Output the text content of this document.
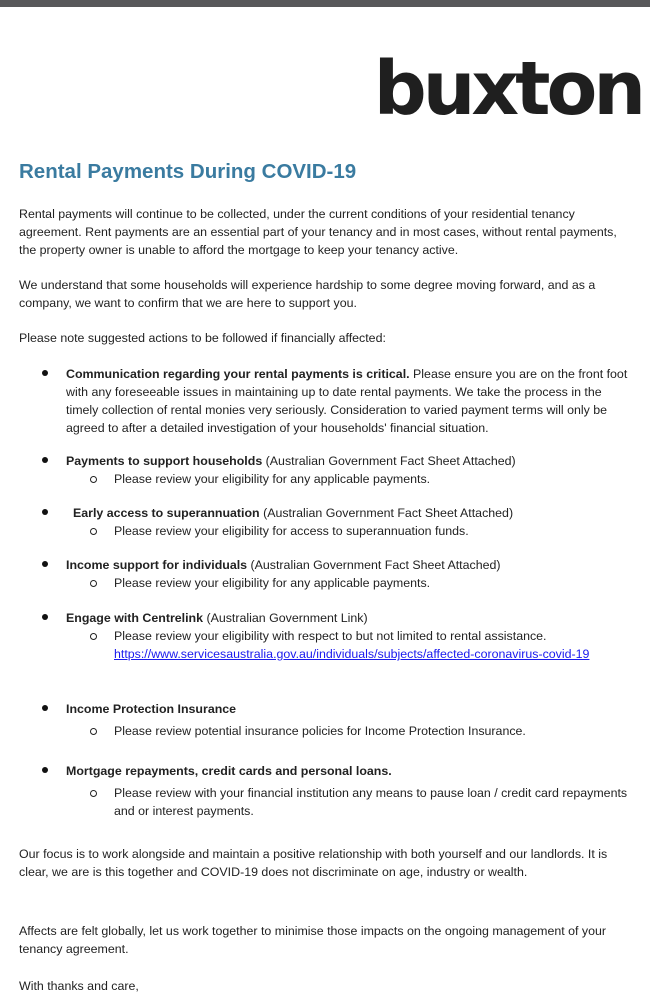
buxton
Rental Payments During COVID-19

Rental payments will continue to be collected, under the current conditions of your residential tenancy agreement. Rent payments are an essential part of your tenancy and in most cases, without rental payments, the property owner is unable to afford the mortgage to keep your tenancy active.

We understand that some households will experience hardship to some degree moving forward, and as a company, we want to confirm that we are here to support you.

Please note suggested actions to be followed if financially affected:

Communication regarding your rental payments is critical. Please ensure you are on the front foot with any foreseeable issues in maintaining up to date rental payments. We take the process in the timely collection of rental monies very seriously. Consideration to varied payment terms will only be agreed to after a detailed investigation of your households' financial situation.
Payments to support households (Australian Government Fact Sheet Attached)
Please review your eligibility for any applicable payments.
Early access to superannuation (Australian Government Fact Sheet Attached)
Please review your eligibility for access to superannuation funds.
Income support for individuals (Australian Government Fact Sheet Attached)
Please review your eligibility for any applicable payments.
Engage with Centrelink (Australian Government Link)
Please review your eligibility with respect to but not limited to rental assistance.
https://www.servicesaustralia.gov.au/individuals/subjects/affected-coronavirus-covid-19
Income Protection Insurance
Please review potential insurance policies for Income Protection Insurance.
Mortgage repayments, credit cards and personal loans.
Please review with your financial institution any means to pause loan / credit card repayments and or interest payments.

Our focus is to work alongside and maintain a positive relationship with both yourself and our landlords. It is clear, we are is this together and COVID-19 does not discriminate on age, industry or wealth.

Affects are felt globally, let us work together to minimise those impacts on the ongoing management of your tenancy agreement.

With thanks and care,
